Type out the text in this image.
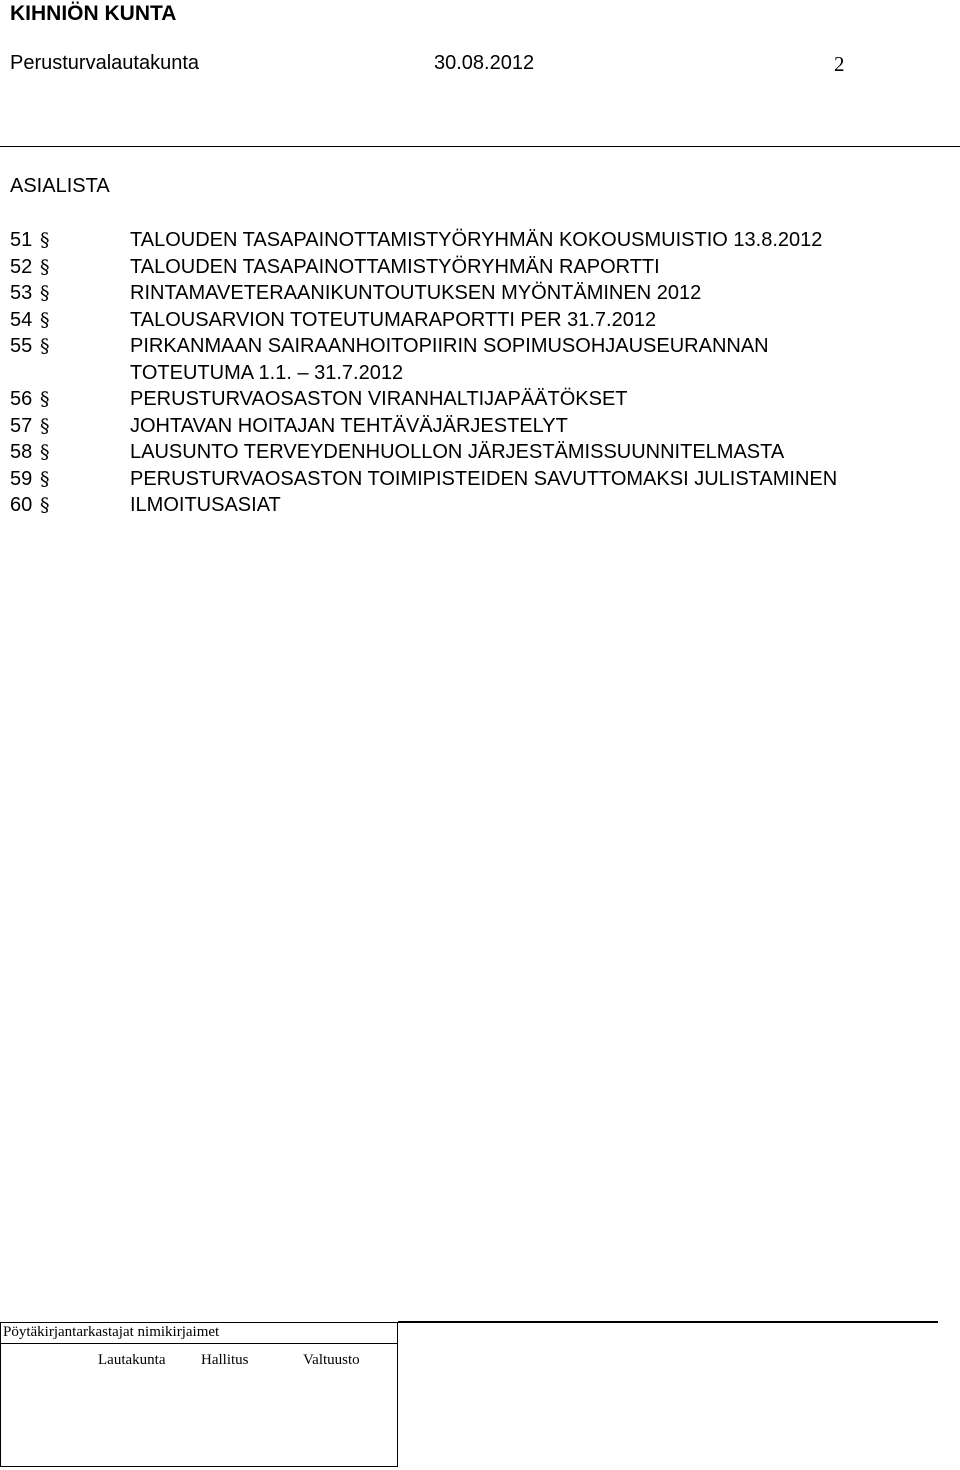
KIHNIÖN KUNTA
Perusturvalautakunta	30.08.2012	2
ASIALISTA
51 §	TALOUDEN TASAPAINOTTAMISTYÖRYHMÄN KOKOUSMUISTIO 13.8.2012
52 §	TALOUDEN TASAPAINOTTAMISTYÖRYHMÄN RAPORTTI
53 §	RINTAMAVETERAANIKUNTOUTUKSEN MYÖNTÄMINEN 2012
54 §	TALOUSARVION TOTEUTUMARAPORTTI PER 31.7.2012
55 §	PIRKANMAAN SAIRAANHOITOPIIRIN SOPIMUSOHJAUSEURANNAN
TOTEUTUMA 1.1. – 31.7.2012
56 §	PERUSTURVAOSASTON VIRANHALTIJAPÄÄTÖKSET
57 §	JOHTAVAN HOITAJAN TEHTÄVÄJÄRJESTELYT
58 §	LAUSUNTO TERVEYDENHUOLLON JÄRJESTÄMISSUUNNITELMASTA
59 §	PERUSTURVAOSASTON TOIMIPISTEIDEN SAVUTTOMAKSI JULISTAMINEN
60 §	ILMOITUSASIAT
Pöytäkirjantarkastajat nimikirjaimet
Lautakunta Hallitus	Valtuusto
